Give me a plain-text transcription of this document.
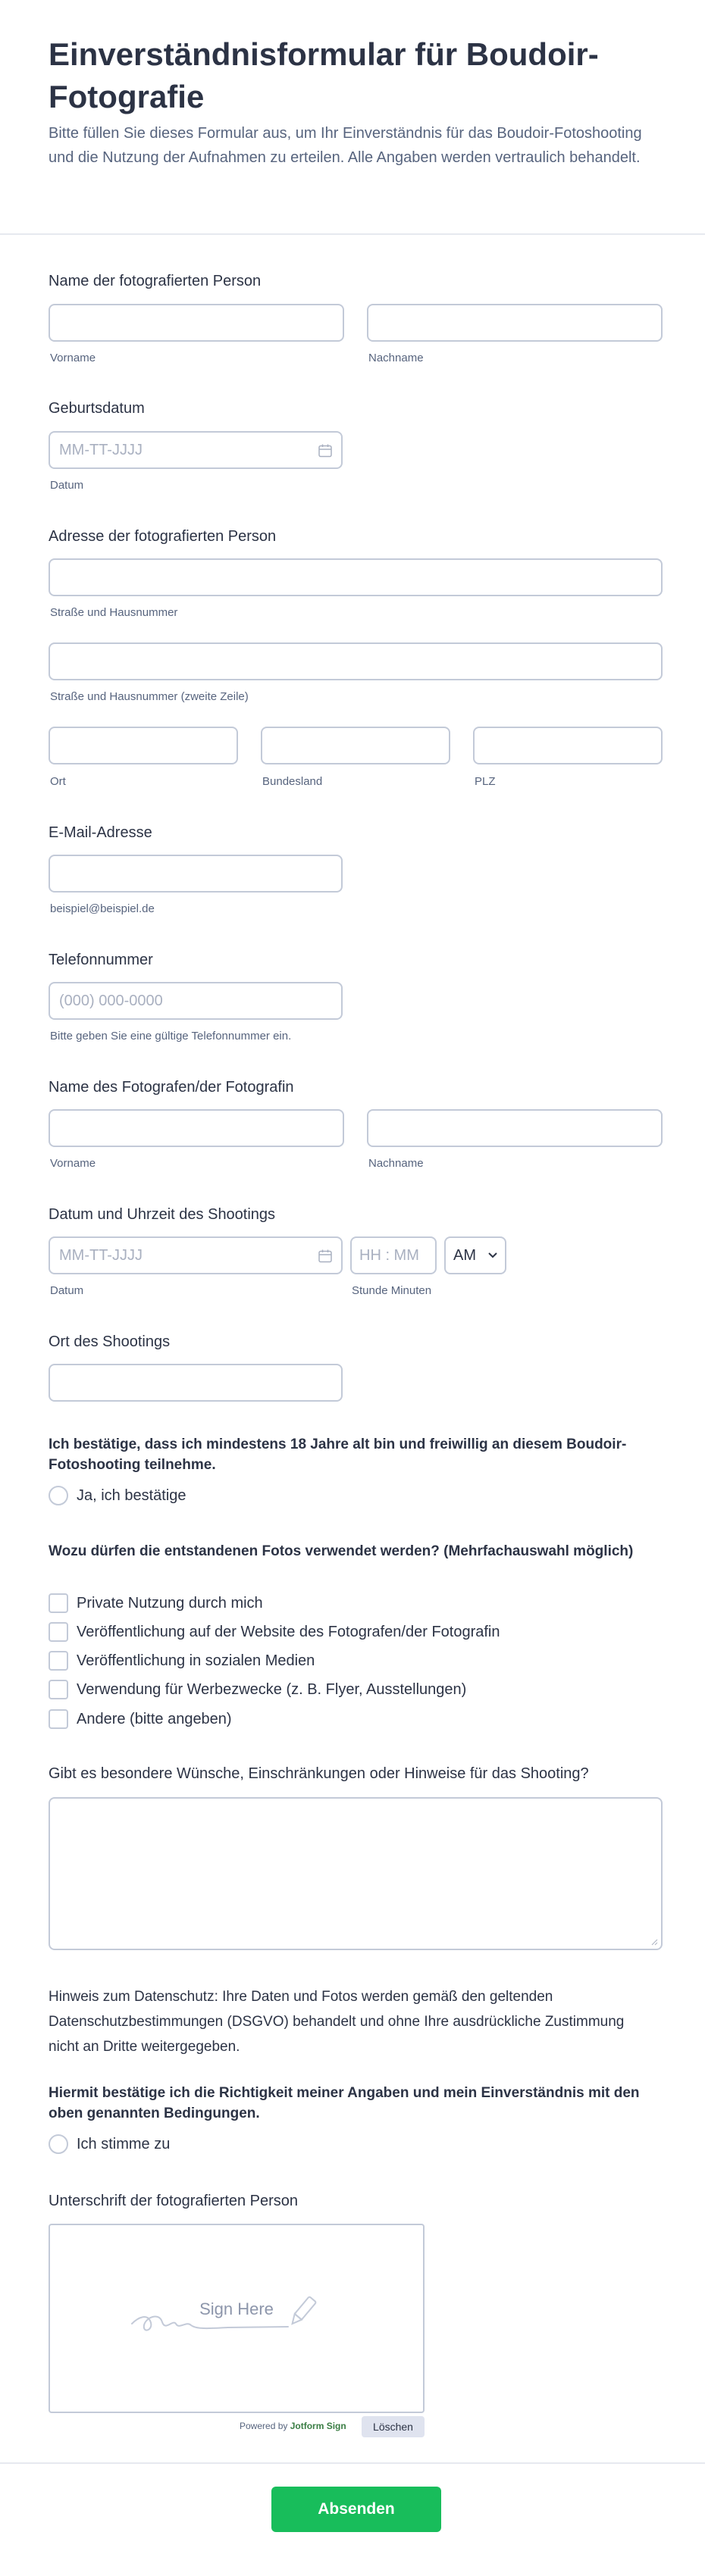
Einverständnisformular für Boudoir-Fotografie
Bitte füllen Sie dieses Formular aus, um Ihr Einverständnis für das Boudoir-Fotoshooting und die Nutzung der Aufnahmen zu erteilen. Alle Angaben werden vertraulich behandelt.
Name der fotografierten Person
Vorname	Nachname
Geburtsdatum
MM-TT-JJJJ
Datum
Adresse der fotografierten Person
Straße und Hausnummer
Straße und Hausnummer (zweite Zeile)
Ort	Bundesland	PLZ
E-Mail-Adresse
beispiel@beispiel.de
Telefonnummer
(000) 000-0000
Bitte geben Sie eine gültige Telefonnummer ein.
Name des Fotografen/der Fotografin
Vorname	Nachname
Datum und Uhrzeit des Shootings
MM-TT-JJJJ	HH : MM	AM
Datum	Stunde Minuten
Ort des Shootings
Ich bestätige, dass ich mindestens 18 Jahre alt bin und freiwillig an diesem Boudoir-Fotoshooting teilnehme.
Ja, ich bestätige
Wozu dürfen die entstandenen Fotos verwendet werden? (Mehrfachauswahl möglich)
Private Nutzung durch mich
Veröffentlichung auf der Website des Fotografen/der Fotografin
Veröffentlichung in sozialen Medien
Verwendung für Werbezwecke (z. B. Flyer, Ausstellungen)
Andere (bitte angeben)
Gibt es besondere Wünsche, Einschränkungen oder Hinweise für das Shooting?
Hinweis zum Datenschutz: Ihre Daten und Fotos werden gemäß den geltenden Datenschutzbestimmungen (DSGVO) behandelt und ohne Ihre ausdrückliche Zustimmung nicht an Dritte weitergegeben.
Hiermit bestätige ich die Richtigkeit meiner Angaben und mein Einverständnis mit den oben genannten Bedingungen.
Ich stimme zu
Unterschrift der fotografierten Person
Sign Here
Powered by Jotform Sign	Löschen
Absenden
